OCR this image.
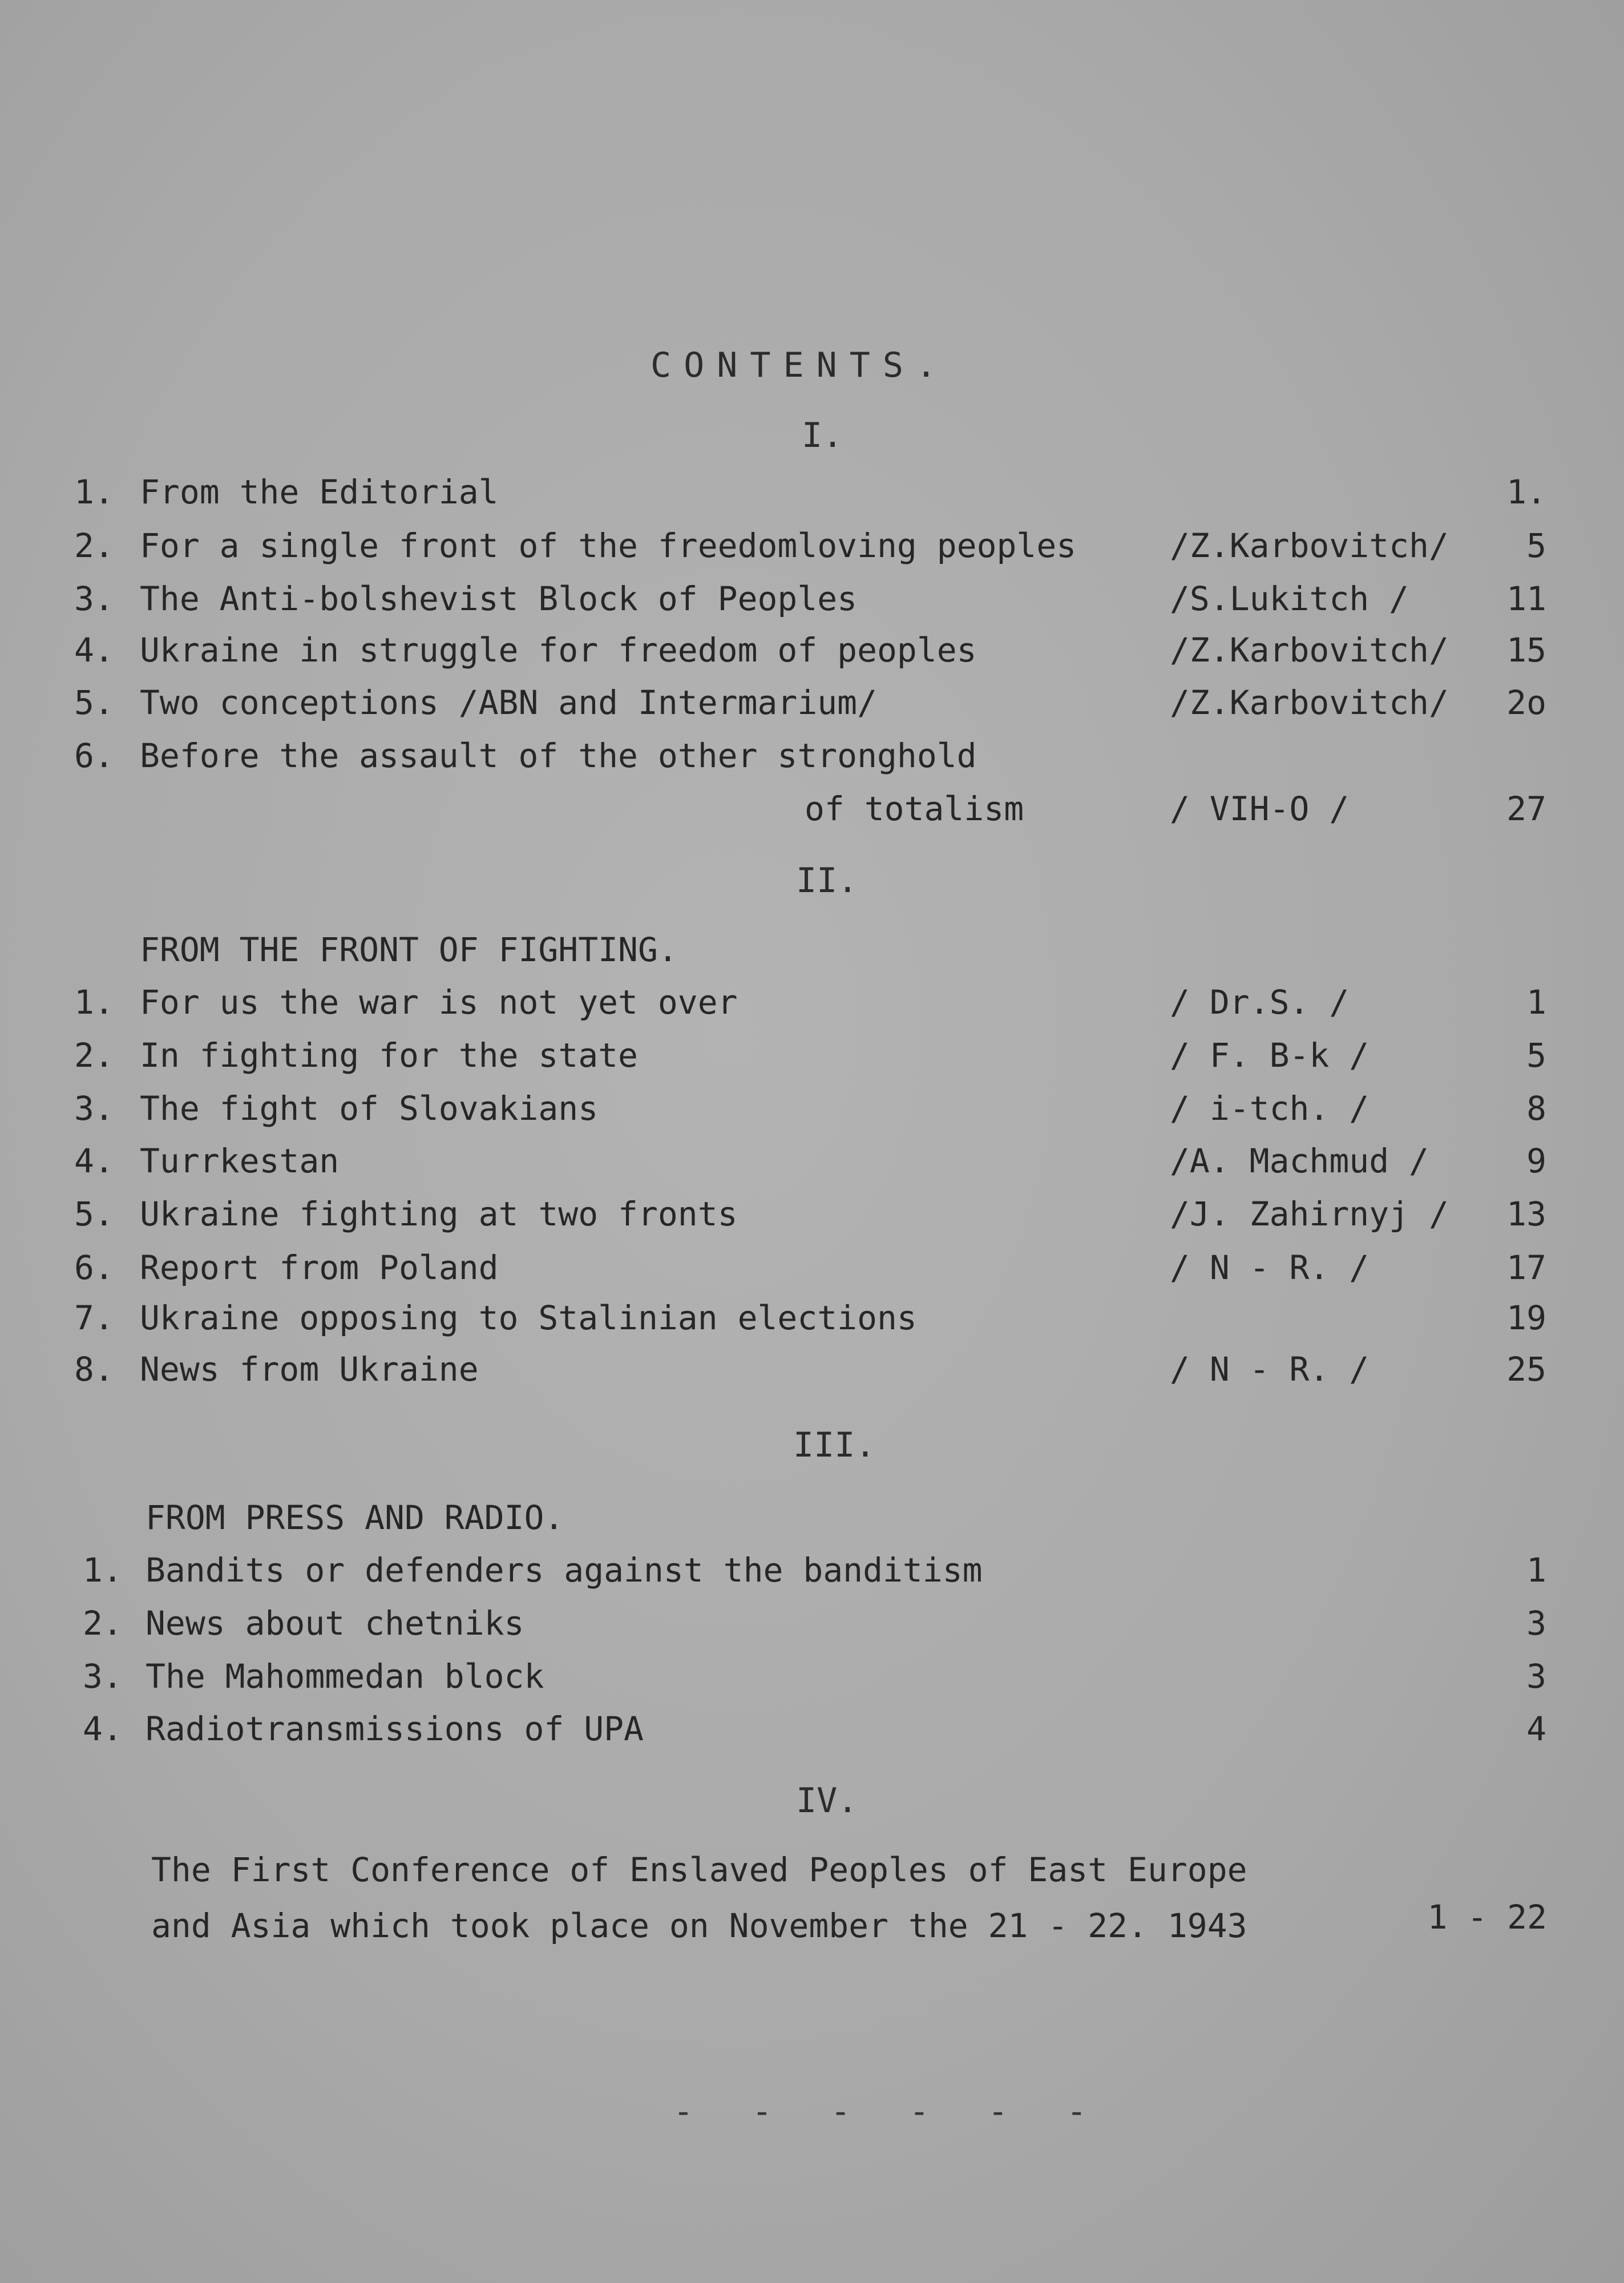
CONTENTS.
I.
1. From the Editorial	1.
2. For a single front of the freedomloving peoples	/Z.Karbovitch/ 5
3. The Anti-bolshevist Block of Peoples	/S.Lukitch /	11
4. Ukraine in struggle for freedom of peoples	/Z.Karbovitch/ 15
5. Two conceptions /ABN and Intermarium/	/Z.Karbovitch/ 2o
6. Before the assault of the other stronghold
of totalism	/ VIH-O /	27
II.
FROM THE FRONT OF FIGHTING.
1. For us the war is not yet over	/ Dr.S. /	1
2. In fighting for the state	/ F. B-k /	5
3. The fight of Slovakians	/ i-tch. /	8
4. Turrkestan	/A. Machmud /	9
5. Ukraine fighting at two fronts	/J. Zahirnyj / 13
6. Report from Poland	/ N - R. /	17
7. Ukraine opposing to Stalinian elections	19
8. News from Ukraine	/ N - R. /	25
III.
FROM PRESS AND RADIO.
1. Bandits or defenders against the banditism	1
2. News about chetniks	3
3. The Mahommedan block	3
4. Radiotransmissions of UPA	4
IV.
The First Conference of Enslaved Peoples of East Europe
and Asia which took place on November the 21 - 22. 1943	1 - 22
- - - - - -
